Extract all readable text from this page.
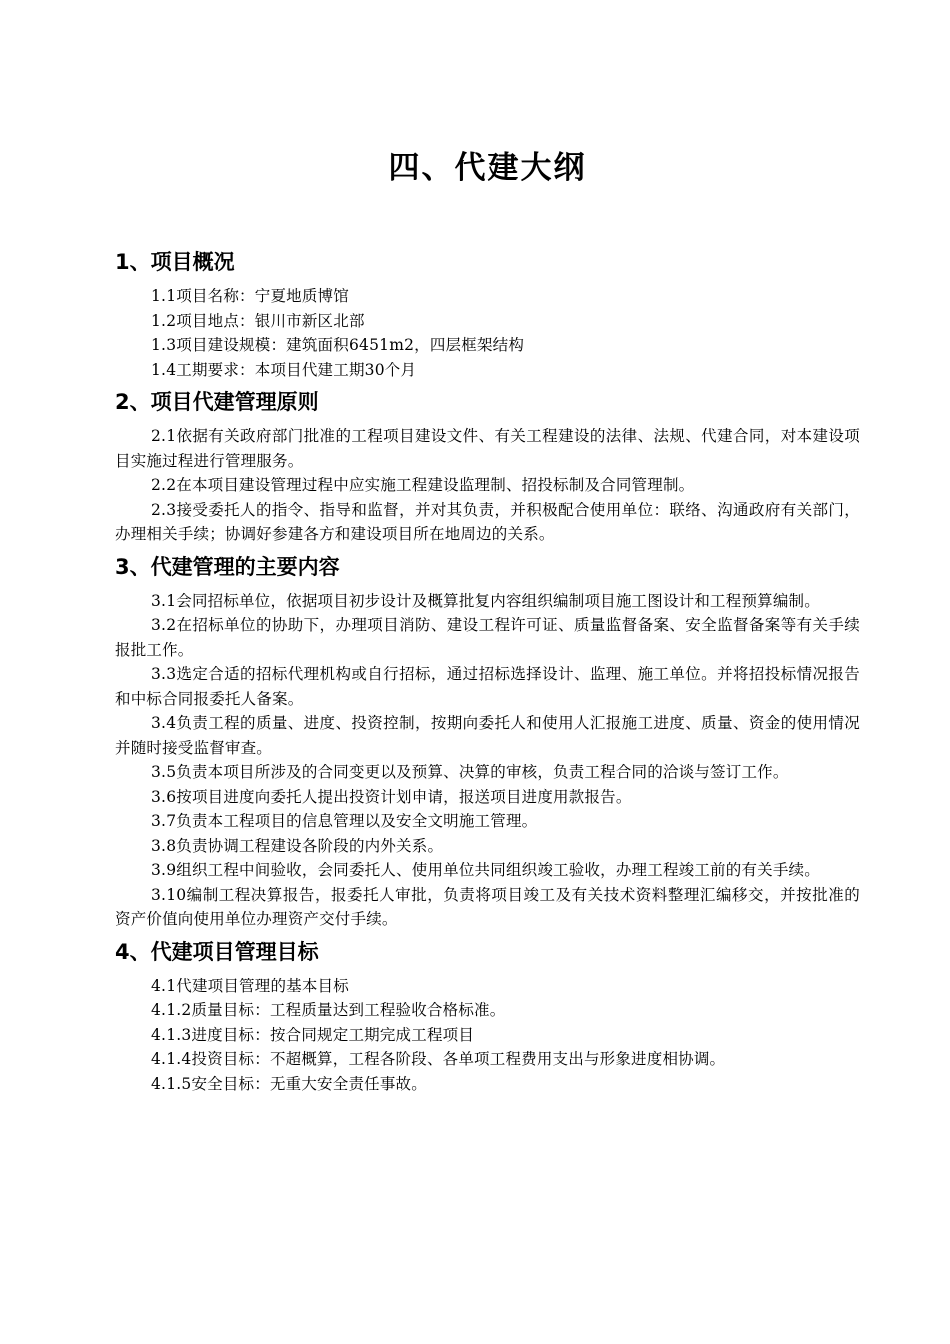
四、代建大纲
1、项目概况

1.1项目名称：宁夏地质博馆

1.2项目地点：银川市新区北部

1.3项目建设规模：建筑面积6451m2，四层框架结构

1.4工期要求：本项目代建工期30个月

2、项目代建管理原则

2.1依据有关政府部门批准的工程项目建设文件、有关工程建设的法律、法规、代建合同，对本建设项目实施过程进行管理服务。

2.2在本项目建设管理过程中应实施工程建设监理制、招投标制及合同管理制。

2.3接受委托人的指令、指导和监督，并对其负责，并积极配合使用单位：联络、沟通政府有关部门，办理相关手续；协调好参建各方和建设项目所在地周边的关系。

3、代建管理的主要内容

3.1会同招标单位，依据项目初步设计及概算批复内容组织编制项目施工图设计和工程预算编制。

3.2在招标单位的协助下，办理项目消防、建设工程许可证、质量监督备案、安全监督备案等有关手续报批工作。

3.3选定合适的招标代理机构或自行招标，通过招标选择设计、监理、施工单位。并将招投标情况报告和中标合同报委托人备案。

3.4负责工程的质量、进度、投资控制，按期向委托人和使用人汇报施工进度、质量、资金的使用情况并随时接受监督审查。

3.5负责本项目所涉及的合同变更以及预算、决算的审核，负责工程合同的洽谈与签订工作。

3.6按项目进度向委托人提出投资计划申请，报送项目进度用款报告。

3.7负责本工程项目的信息管理以及安全文明施工管理。

3.8负责协调工程建设各阶段的内外关系。

3.9组织工程中间验收，会同委托人、使用单位共同组织竣工验收，办理工程竣工前的有关手续。

3.10编制工程决算报告，报委托人审批，负责将项目竣工及有关技术资料整理汇编移交，并按批准的资产价值向使用单位办理资产交付手续。

4、代建项目管理目标

4.1代建项目管理的基本目标

4.1.2质量目标：工程质量达到工程验收合格标准。

4.1.3进度目标：按合同规定工期完成工程项目

4.1.4投资目标：不超概算，工程各阶段、各单项工程费用支出与形象进度相协调。

4.1.5安全目标：无重大安全责任事故。
